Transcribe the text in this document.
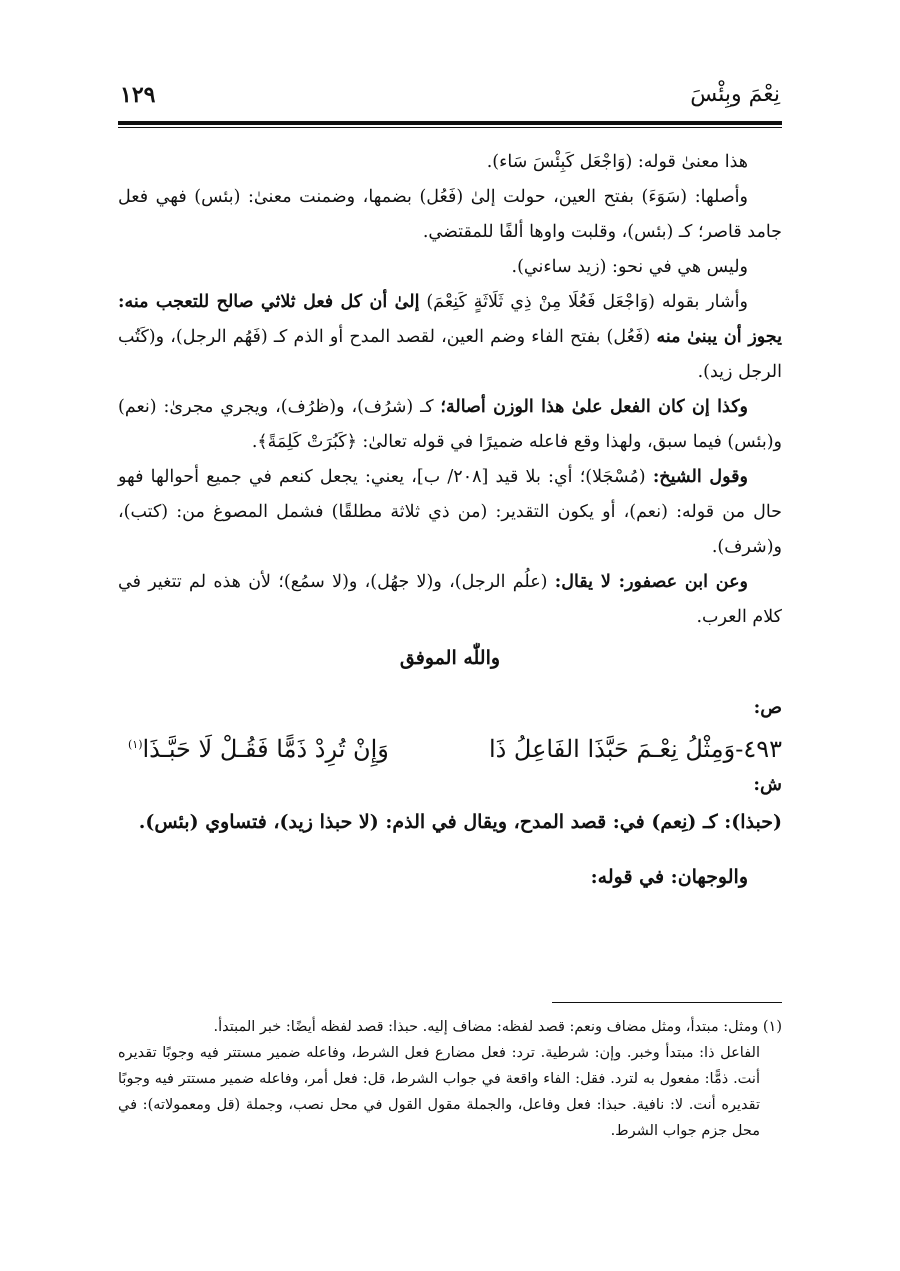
١٢٩	نِعْمَ وبِئْسَ

هذا معنىٰ قوله: (وَاجْعَل كَبِئْسَ سَاء).

وأصلها: (سَوَءَ) بفتح العين، حولت إلىٰ (فَعُل) بضمها، وضمنت معنىٰ: (بئس) فهي فعل جامد قاصر؛ كـ (بئس)، وقلبت واوها ألفًا للمقتضي.

وليس هي في نحو: (زيد ساءني).

وأشار بقوله (وَاجْعَل فَعُلَا مِنْ ذِي ثَلَاثَةٍ كَنِعْمَ) إلىٰ أن كل فعل ثلاثي صالح للتعجب منه: يجوز أن يبنىٰ منه (فَعُل) بفتح الفاء وضم العين، لقصد المدح أو الذم كـ (فَهُم الرجل)، و(كَتُب الرجل زيد).

وكذا إن كان الفعل علىٰ هذا الوزن أصالة؛ كـ (شرُف)، و(ظرُف)، ويجري مجرىٰ: (نعم) و(بئس) فيما سبق، ولهذا وقع فاعله ضميرًا في قوله تعالىٰ: ﴿كَبُرَتْ كَلِمَةً﴾.

وقول الشيخ: (مُسْجَلا)؛ أي: بلا قيد [٢٠٨/ ب]، يعني: يجعل كنعم في جميع أحوالها فهو حال من قوله: (نعم)، أو يكون التقدير: (من ذي ثلاثة مطلقًا) فشمل المصوغ من: (كتب)، و(شرف).

وعن ابن عصفور: لا يقال: (علُم الرجل)، و(لا جهُل)، و(لا سمُع)؛ لأن هذه لم تتغير في كلام العرب.

واللّٰه الموفق

ص:

٤٩٣-وَمِثْلُ نِعْـمَ حَبَّذَا الفَاعِلُ ذَا
وَإِنْ تُرِدْ ذَمًّا فَقُـلْ لَا حَبَّـذَا$^{(١)}$

ش:

(حبذا): كـ (نِعم) في: قصد المدح، ويقال في الذم: (لا حبذا زيد)، فتساوي (بئس).

والوجهان: في قوله:

(١) ومثل: مبتدأ، ومثل مضاف ونعم: قصد لفظه: مضاف إليه. حبذا: قصد لفظه أيضًا: خبر المبتدأ.

الفاعل ذا: مبتدأ وخبر. وإن: شرطية. ترد: فعل مضارع فعل الشرط، وفاعله ضمير مستتر فيه وجوبًا تقديره أنت. ذمًّا: مفعول به لترد. فقل: الفاء واقعة في جواب الشرط، قل: فعل أمر، وفاعله ضمير مستتر فيه وجوبًا تقديره أنت. لا: نافية. حبذا: فعل وفاعل، والجملة مقول القول في محل نصب، وجملة (قل ومعمولاته): في محل جزم جواب الشرط.
